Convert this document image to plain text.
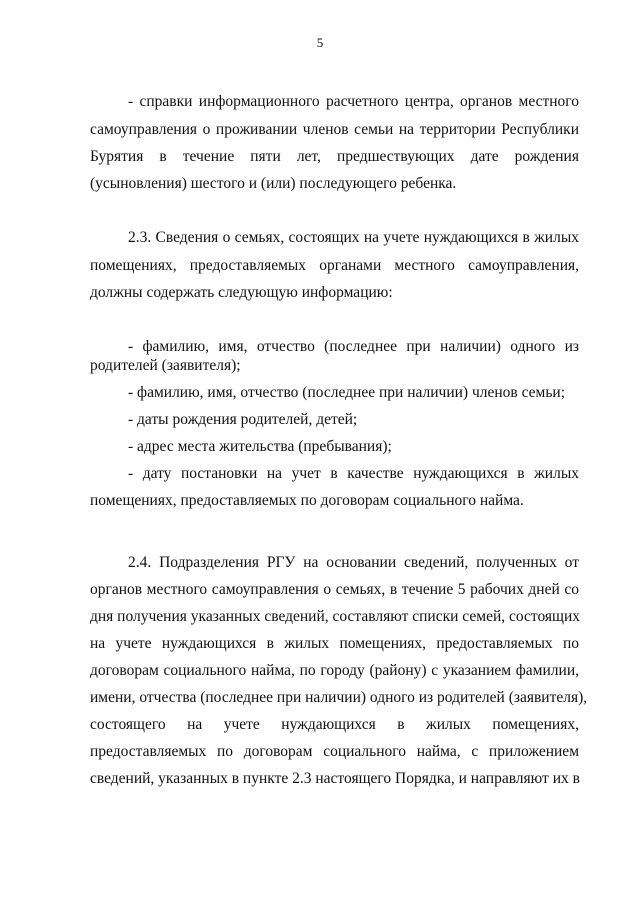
5
- справки информационного расчетного центра, органов местного
самоуправления о проживании членов семьи на территории Республики
Бурятия в течение пяти лет, предшествующих дате рождения
(усыновления) шестого и (или) последующего ребенка.
2.3. Сведения о семьях, состоящих на учете нуждающихся в жилых
помещениях, предоставляемых органами местного самоуправления,
должны содержать следующую информацию:
- фамилию, имя, отчество (последнее при наличии) одного из
родителей (заявителя);
- фамилию, имя, отчество (последнее при наличии) членов семьи;
- даты рождения родителей, детей;
- адрес места жительства (пребывания);
- дату постановки на учет в качестве нуждающихся в жилых
помещениях, предоставляемых по договорам социального найма.
2.4. Подразделения РГУ на основании сведений, полученных от
органов местного самоуправления о семьях, в течение 5 рабочих дней со
дня получения указанных сведений, составляют списки семей, состоящих
на учете нуждающихся в жилых помещениях, предоставляемых по
договорам социального найма, по городу (району) с указанием фамилии,
имени, отчества (последнее при наличии) одного из родителей (заявителя),
состоящего на учете нуждающихся в жилых помещениях,
предоставляемых по договорам социального найма, с приложением
сведений, указанных в пункте 2.3 настоящего Порядка, и направляют их в
